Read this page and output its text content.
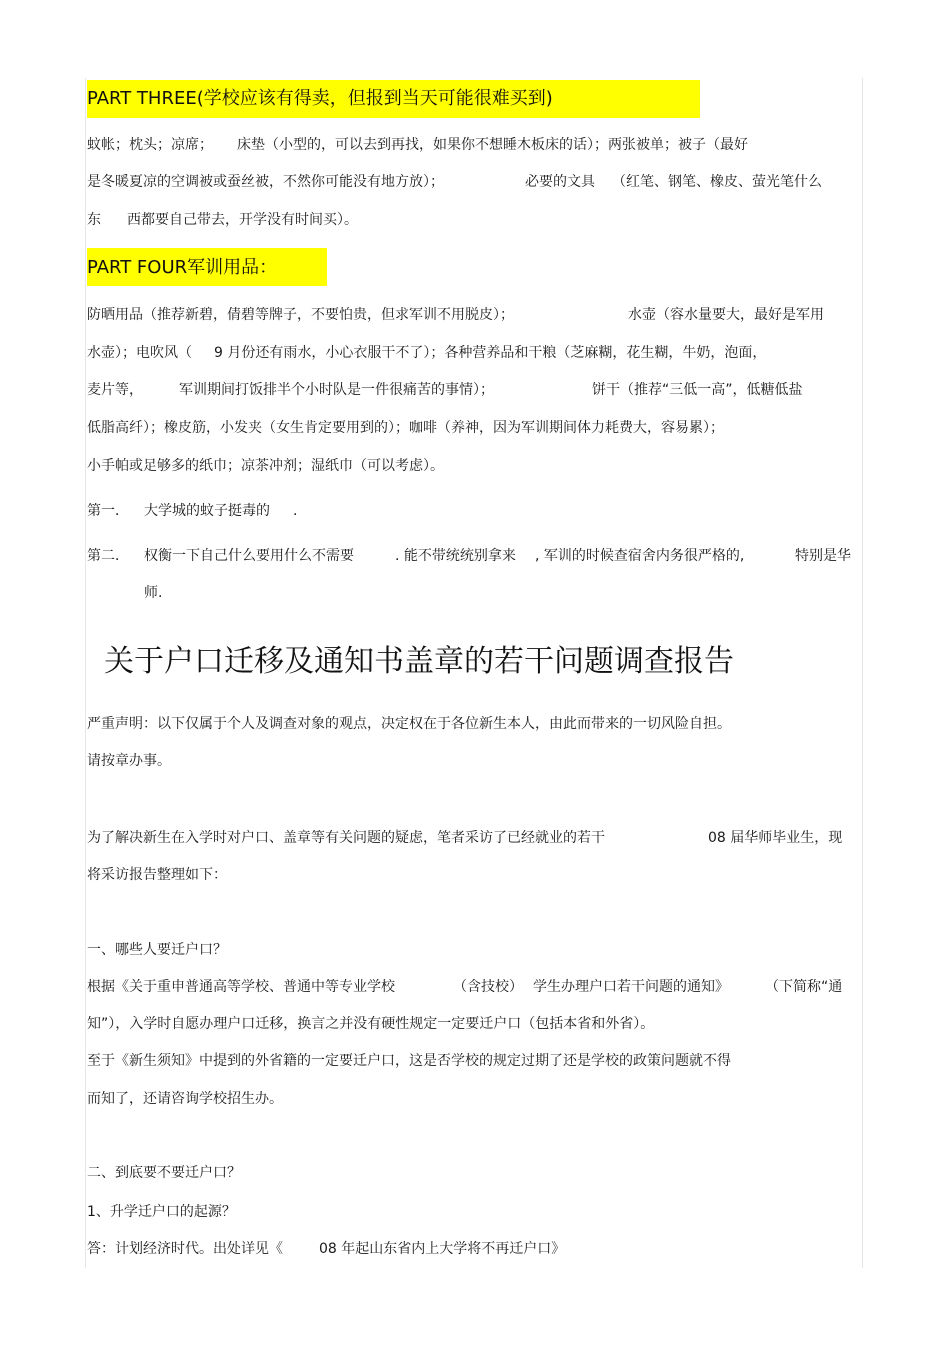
PART THREE(学校应该有得卖，但报到当天可能很难买到)
蚊帐；枕头；凉席； 床垫（小型的，可以去到再找，如果你不想睡木板床的话）；两张被单；被子（最好
是冬暖夏凉的空调被或蚕丝被，不然你可能没有地方放）；	必要的文具 （红笔、钢笔、橡皮、萤光笔什么
东 西都要自己带去，开学没有时间买）。
PART FOUR军训用品：
防晒用品（推荐新碧，倩碧等牌子，不要怕贵，但求军训不用脱皮）；	水壶（容水量要大，最好是军用
水壶）；电吹风（ 9 月份还有雨水，小心衣服干不了）；各种营养品和干粮（芝麻糊，花生糊，牛奶，泡面，
麦片等，	军训期间打饭排半个小时队是一件很痛苦的事情）；	饼干（推荐“三低一高”，低糖低盐
低脂高纤）；橡皮筋，小发夹（女生肯定要用到的）；咖啡（养神，因为军训期间体力耗费大，容易累）；
小手帕或足够多的纸巾；凉茶冲剂；湿纸巾（可以考虑）。
第一． 大学城的蚊子挺毒的 .
第二． 权衡一下自己什么要用什么不需要	. 能不带统统别拿来 , 军训的时候查宿舍内务很严格的,	特别是华
师.
关于户口迁移及通知书盖章的若干问题调查报告
严重声明：以下仅属于个人及调查对象的观点，决定权在于各位新生本人，由此而带来的一切风险自担。
请按章办事。
为了解决新生在入学时对户口、盖章等有关问题的疑虑，笔者采访了已经就业的若干	08 届华师毕业生，现
将采访报告整理如下：
一、哪些人要迁户口？
根据《关于重申普通高等学校、普通中等专业学校	（含技校） 学生办理户口若干问题的通知》	（下简称“通
知”），入学时自愿办理户口迁移，换言之并没有硬性规定一定要迁户口（包括本省和外省）。
至于《新生须知》中提到的外省籍的一定要迁户口，这是否学校的规定过期了还是学校的政策问题就不得
而知了，还请咨询学校招生办。
二、到底要不要迁户口？
1、升学迁户口的起源？
答：计划经济时代。出处详见《	08 年起山东省内上大学将不再迁户口》
